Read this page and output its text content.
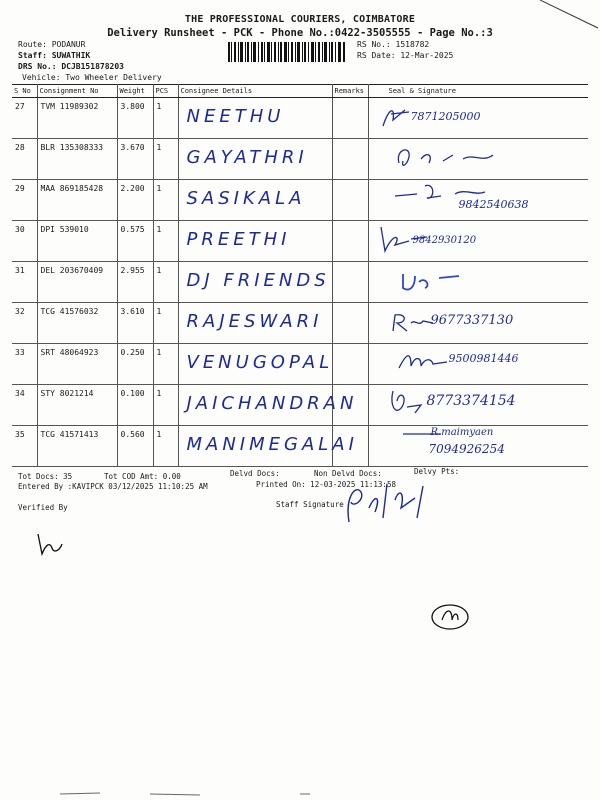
THE PROFESSIONAL COURIERS, COIMBATORE
Delivery Runsheet - PCK - Phone No.:0422-3505555 - Page No.:3
Route: PODANUR
Staff: SUWATHIK
DRS No.: DCJB151878203
Vehicle: Two Wheeler Delivery
RS No.: 1518782
RS Date: 12-Mar-2025
S No	Consignment No	Weight	PCS	Consignee Details	Remarks	Seal & Signature
27	TVM 11989302	3.800	1	NEETHU		7871205000

28	BLR 135308333	3.670	1	GAYATHRI

29	MAA 869185428	2.200	1	SASIKALA		9842540638

30	DPI 539010	0.575	1	PREETHI		9842930120

31	DEL 203670409	2.955	1	DJ FRIENDS

32	TCG 41576032	3.610	1	RAJESWARI		9677337130

33	SRT 48064923	0.250	1	VENUGOPAL		9500981446

34	STY 8021214	0.100	1	JAICHANDRAN		8773374154

35	TCG 41571413	0.560	1	MANIMEGALAI		R.maimyaen
7094926254
Tot Docs: 35	Tot COD Amt: 0.00	Delvd Docs:	Non Delvd Docs:	Delvy Pts:
Entered By :KAVIPCK 03/12/2025 11:10:25 AM	Printed On: 12-03-2025 11:13:58
Verified By	Staff Signature
